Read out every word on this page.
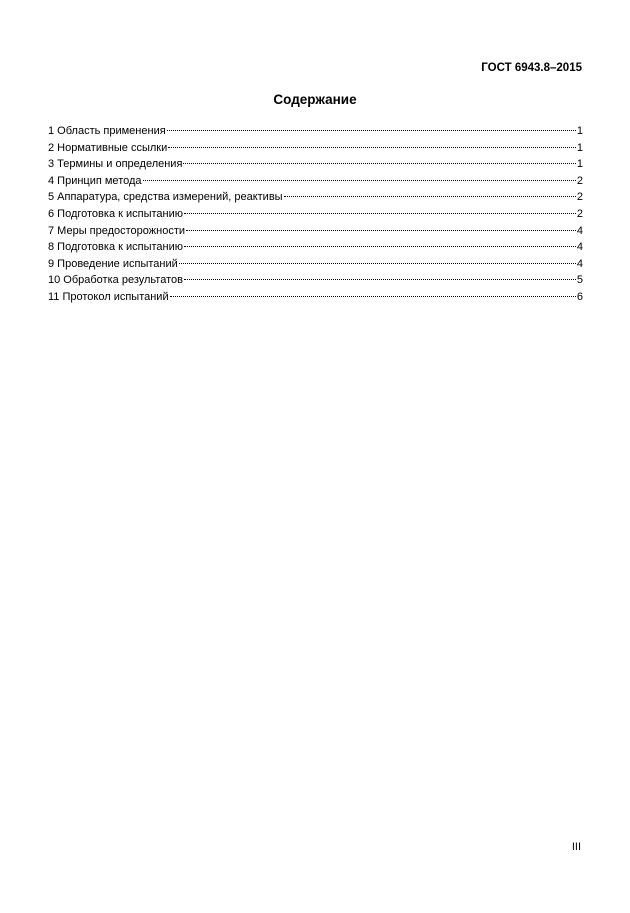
ГОСТ 6943.8–2015
Содержание
1 Область применения	1
2 Нормативные ссылки	1
3 Термины и определения	1
4 Принцип метода	2
5 Аппаратура, средства измерений, реактивы	2
6 Подготовка к испытанию	2
7 Меры предосторожности	4
8 Подготовка к испытанию	4
9 Проведение испытаний	4
10 Обработка результатов	5
11 Протокол испытаний	6
III
